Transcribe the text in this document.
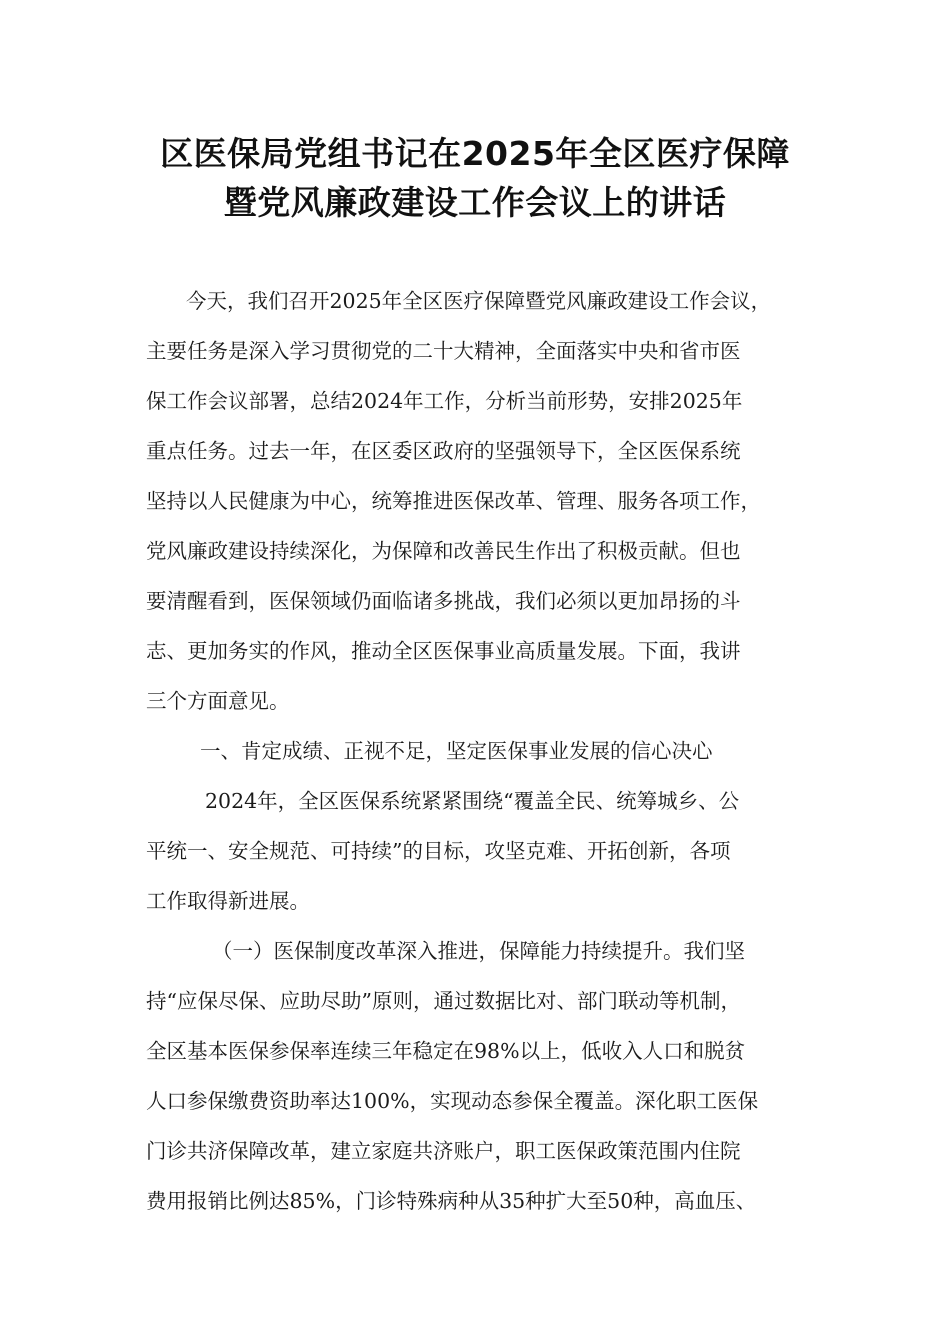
区医保局党组书记在2025年全区医疗保障
暨党风廉政建设工作会议上的讲话
今天，我们召开2025年全区医疗保障暨党风廉政建设工作会议，
主要任务是深入学习贯彻党的二十大精神，全面落实中央和省市医
保工作会议部署，总结2024年工作，分析当前形势，安排2025年
重点任务。过去一年，在区委区政府的坚强领导下，全区医保系统
坚持以人民健康为中心，统筹推进医保改革、管理、服务各项工作，
党风廉政建设持续深化，为保障和改善民生作出了积极贡献。但也
要清醒看到，医保领域仍面临诸多挑战，我们必须以更加昂扬的斗
志、更加务实的作风，推动全区医保事业高质量发展。下面，我讲
三个方面意见。
一、肯定成绩、正视不足，坚定医保事业发展的信心决心
2024年，全区医保系统紧紧围绕“覆盖全民、统筹城乡、公
平统一、安全规范、可持续”的目标，攻坚克难、开拓创新，各项
工作取得新进展。
（一）医保制度改革深入推进，保障能力持续提升。我们坚
持“应保尽保、应助尽助”原则，通过数据比对、部门联动等机制，
全区基本医保参保率连续三年稳定在98%以上，低收入人口和脱贫
人口参保缴费资助率达100%，实现动态参保全覆盖。深化职工医保
门诊共济保障改革，建立家庭共济账户，职工医保政策范围内住院
费用报销比例达85%，门诊特殊病种从35种扩大至50种，高血压、
